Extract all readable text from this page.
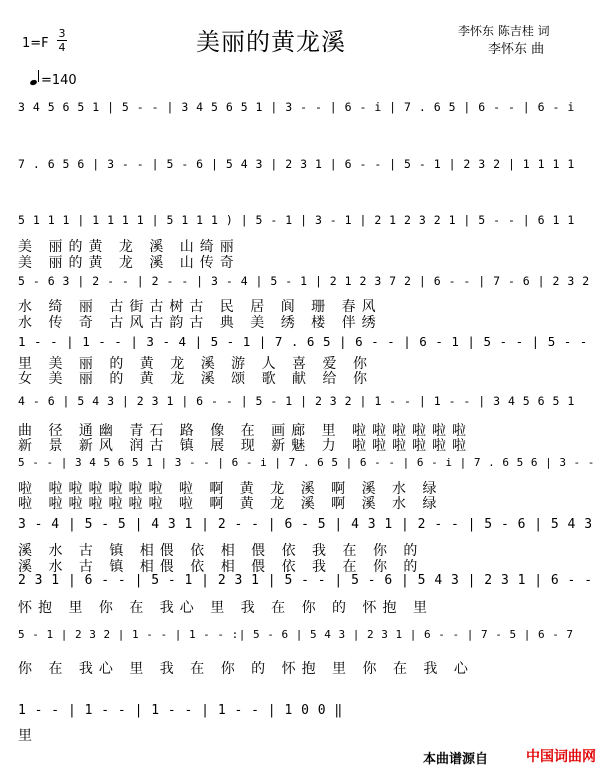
1=F
3
4	美丽的黄龙溪	李怀东 陈吉桂 词
李怀东 曲
=140
3 4 5 6 5 1 | 5 - - | 3 4 5 6 5 1 | 3 - - | 6 - i | 7 . 6 5 | 6 - - | 6 - i
7 . 6 5 6 | 3 - - | 5 - 6 | 5 4 3 | 2 3 1 | 6 - - | 5 - 1 | 2 3 2 | 1 1 1 1
5 1 1 1 | 1 1 1 1 | 5 1 1 1 ) | 5 - 1 | 3 - 1 | 2 1 2 3 2 1 | 5 - - | 6 1 1
美 丽的黄 龙 溪 山绮丽
美 丽的黄 龙 溪 山传奇
5 - 6 3 | 2 - - | 2 - - | 3 - 4 | 5 - 1 | 2 1 2 3 7 2 | 6 - - | 7 - 6 | 2 3 2
水 绮 丽 古街古树古 民 居 阆 珊 春风
水 传 奇 古风古韵古 典 美 绣 楼 伴绣
1 - - | 1 - - | 3 - 4 | 5 - 1 | 7 . 6 5 | 6 - - | 6 - 1 | 5 - - | 5 - -
里 美 丽 的 黄 龙 溪 游 人 喜 爱 你
女 美 丽 的 黄 龙 溪 颂 歌 献 给 你
4 - 6 | 5 4 3 | 2 3 1 | 6 - - | 5 - 1 | 2 3 2 | 1 - - | 1 - - | 3 4 5 6 5 1
曲 径 通幽 青石 路 像 在 画廊 里 啦啦啦啦啦啦
新 景 新风 润古 镇 展 现 新魅 力 啦啦啦啦啦啦
5 - - | 3 4 5 6 5 1 | 3 - - | 6 - i | 7 . 6 5 | 6 - - | 6 - i | 7 . 6 5 6 | 3 - -
啦 啦啦啦啦啦啦 啦 啊 黄 龙 溪 啊 溪 水 绿
啦 啦啦啦啦啦啦 啦 啊 黄 龙 溪 啊 溪 水 绿
3 - 4 | 5 - 5 | 4 3 1 | 2 - - | 6 - 5 | 4 3 1 | 2 - - | 5 - 6 | 5 4 3
溪 水 古 镇 相偎 依 相 偎 依 我 在 你 的
溪 水 古 镇 相偎 依 相 偎 依 我 在 你 的
2 3 1 | 6 - - | 5 - 1 | 2 3 1 | 5 - - | 5 - 6 | 5 4 3 | 2 3 1 | 6 - -
怀抱 里 你 在 我心 里 我 在 你 的 怀抱 里
5 - 1 | 2 3 2 | 1 - - | 1 - - :| 5 - 6 | 5 4 3 | 2 3 1 | 6 - - | 7 - 5 | 6 - 7
你 在 我心 里 我 在 你 的 怀抱 里 你 在 我 心
1 - - | 1 - - | 1 - - | 1 - - | 1 0 0 ‖
里
本曲谱源自	中国词曲网
